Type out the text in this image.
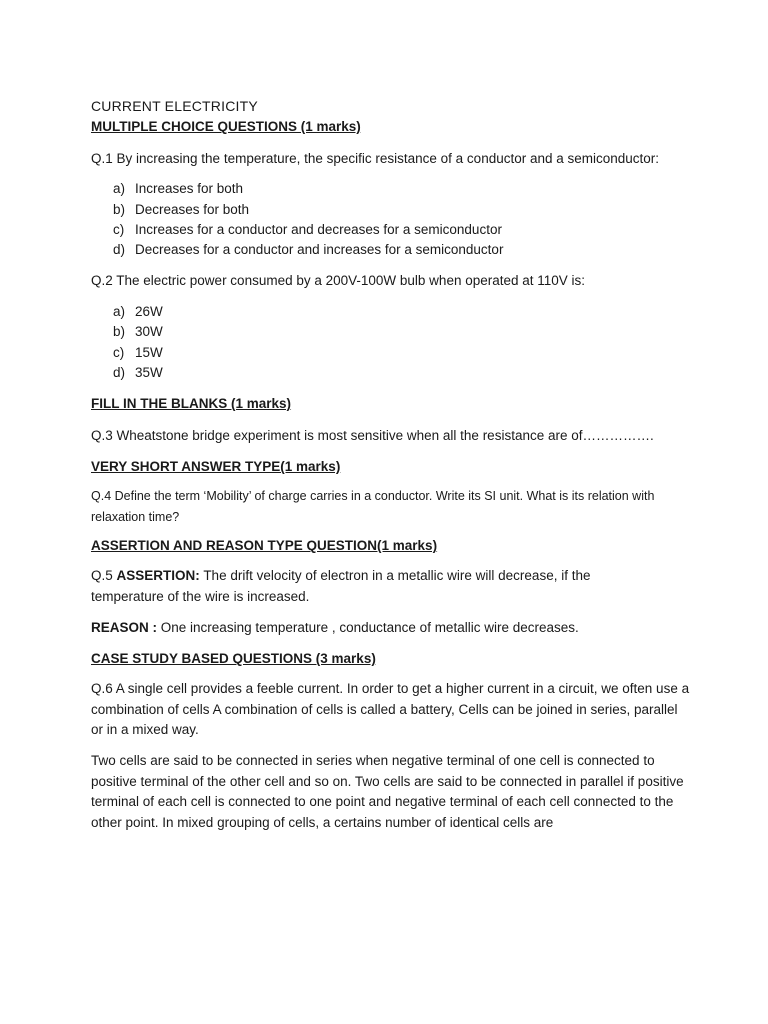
CURRENT ELECTRICITY
MULTIPLE CHOICE QUESTIONS (1 marks)
Q.1 By increasing the temperature, the specific resistance of a conductor and a semiconductor:
a) Increases for both
b) Decreases for both
c) Increases for a conductor and decreases for a semiconductor
d) Decreases for a conductor and increases for a semiconductor
Q.2 The electric power consumed by a 200V-100W bulb when operated at 110V is:
a) 26W
b) 30W
c) 15W
d) 35W
FILL IN THE BLANKS (1 marks)
Q.3 Wheatstone bridge experiment is most sensitive when all the resistance are of…………….
VERY SHORT ANSWER TYPE(1 marks)
Q.4 Define the term ‘Mobility’ of charge carries in a conductor. Write its SI unit. What is its relation with relaxation time?
ASSERTION AND REASON TYPE QUESTION(1 marks)
Q.5 ASSERTION: The drift velocity of electron in a metallic wire will decrease, if the temperature of the wire is increased.
REASON : One increasing temperature , conductance of metallic wire decreases.
CASE STUDY BASED QUESTIONS (3 marks)
Q.6 A single cell provides a feeble current. In order to get a higher current in a circuit, we often use a combination of cells A combination of cells is called a battery, Cells can be joined in series, parallel or in a mixed way.
Two cells are said to be connected in series when negative terminal of one cell is connected to positive terminal of the other cell and so on. Two cells are said to be connected in parallel if positive terminal of each cell is connected to one point and negative terminal of each cell connected to the other point. In mixed grouping of cells, a certains number of identical cells are
